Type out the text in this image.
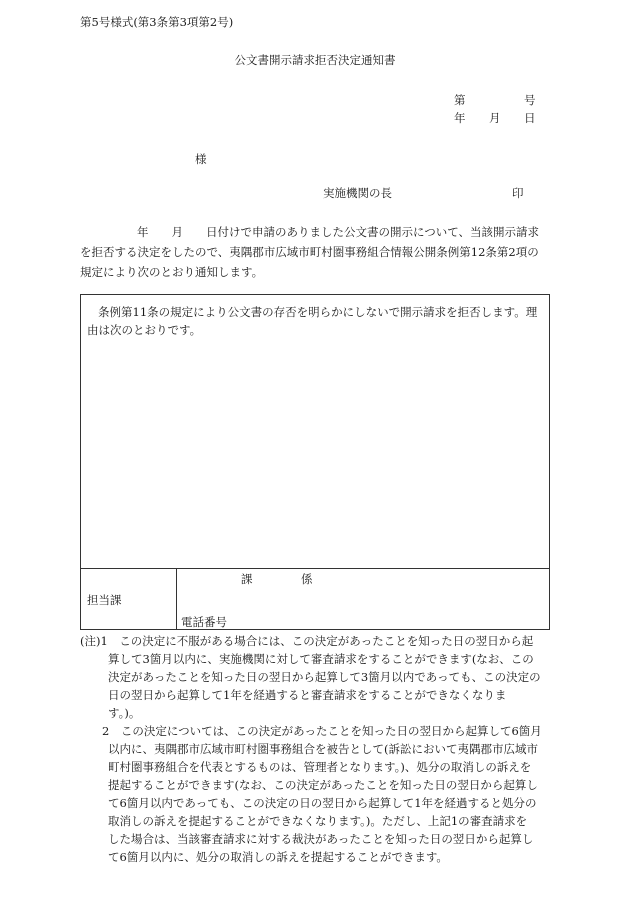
第5号様式(第3条第3項第2号)
公文書開示請求拒否決定通知書
第	号
年 月 日
様
実施機関の長	印
年　　月　　日付けで申請のありました公文書の開示について、当該開示請求
を拒否する決定をしたので、夷隅郡市広域市町村圏事務組合情報公開条例第12条第2項の
規定により次のとおり通知します。
条例第11条の規定により公文書の存否を明らかにしないで開示請求を拒否します。理
由は次のとおりです。
担当課
課	係
電話番号
(注)1　 この決定に不服がある場合には、この決定があったことを知った日の翌日から起
算して3箇月以内に、実施機関に対して審査請求をすることができます(なお、この
決定があったことを知った日の翌日から起算して3箇月以内であっても、この決定の
日の翌日から起算して1年を経過すると審査請求をすることができなくなりま
す。)。
2　 この決定については、この決定があったことを知った日の翌日から起算して6箇月
以内に、夷隅郡市広域市町村圏事務組合を被告として(訴訟において夷隅郡市広域市
町村圏事務組合を代表とするものは、管理者となります。)、処分の取消しの訴えを
提起することができます(なお、この決定があったことを知った日の翌日から起算し
て6箇月以内であっても、この決定の日の翌日から起算して1年を経過すると処分の
取消しの訴えを提起することができなくなります。)。ただし、上記1の審査請求を
した場合は、当該審査請求に対する裁決があったことを知った日の翌日から起算し
て6箇月以内に、処分の取消しの訴えを提起することができます。
